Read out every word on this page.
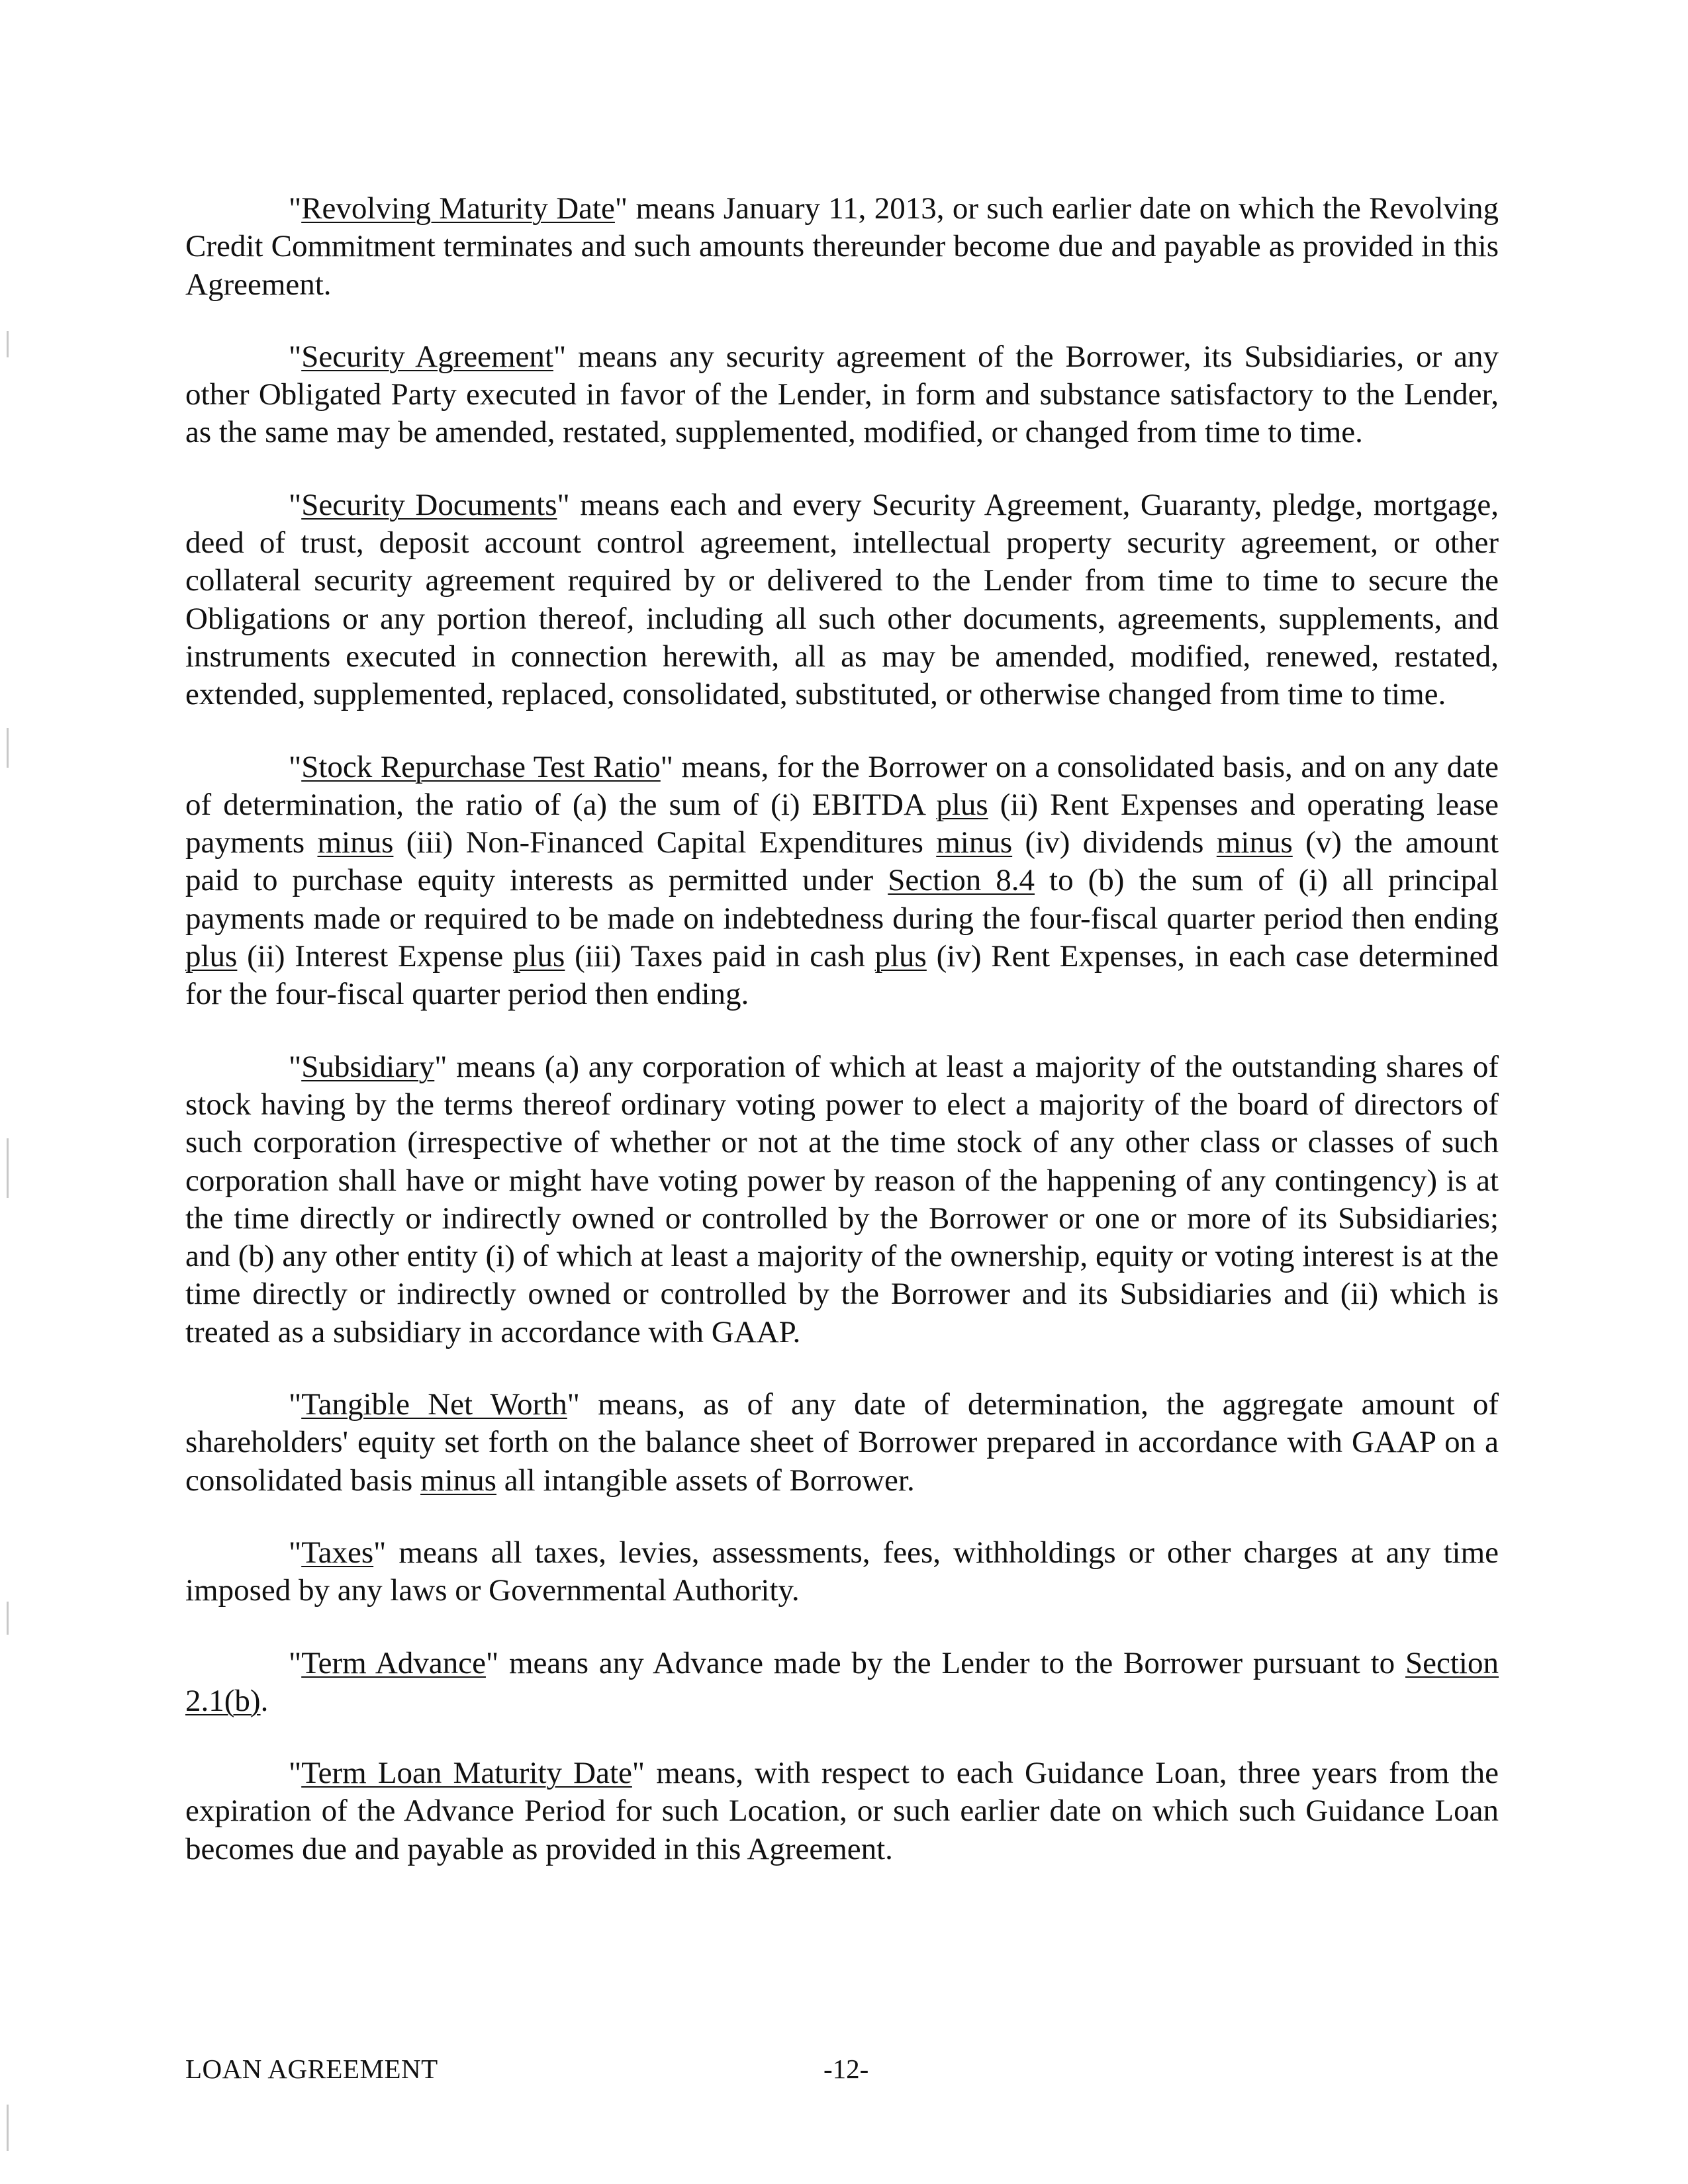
"Revolving Maturity Date" means January 11, 2013, or such earlier date on which the Revolving Credit Commitment terminates and such amounts thereunder become due and payable as provided in this Agreement.

"Security Agreement" means any security agreement of the Borrower, its Subsidiaries, or any other Obligated Party executed in favor of the Lender, in form and substance satisfactory to the Lender, as the same may be amended, restated, supplemented, modified, or changed from time to time.

"Security Documents" means each and every Security Agreement, Guaranty, pledge, mortgage, deed of trust, deposit account control agreement, intellectual property security agreement, or other collateral security agreement required by or delivered to the Lender from time to time to secure the Obligations or any portion thereof, including all such other documents, agreements, supplements, and instruments executed in connection herewith, all as may be amended, modified, renewed, restated, extended, supplemented, replaced, consolidated, substituted, or otherwise changed from time to time.

"Stock Repurchase Test Ratio" means, for the Borrower on a consolidated basis, and on any date of determination, the ratio of (a) the sum of (i) EBITDA plus (ii) Rent Expenses and operating lease payments minus (iii) Non-Financed Capital Expenditures minus (iv) dividends minus (v) the amount paid to purchase equity interests as permitted under Section 8.4 to (b) the sum of (i) all principal payments made or required to be made on indebtedness during the four-fiscal quarter period then ending plus (ii) Interest Expense plus (iii) Taxes paid in cash plus (iv) Rent Expenses, in each case determined for the four-fiscal quarter period then ending.

"Subsidiary" means (a) any corporation of which at least a majority of the outstanding shares of stock having by the terms thereof ordinary voting power to elect a majority of the board of directors of such corporation (irrespective of whether or not at the time stock of any other class or classes of such corporation shall have or might have voting power by reason of the happening of any contingency) is at the time directly or indirectly owned or controlled by the Borrower or one or more of its Subsidiaries; and (b) any other entity (i) of which at least a majority of the ownership, equity or voting interest is at the time directly or indirectly owned or controlled by the Borrower and its Subsidiaries and (ii) which is treated as a subsidiary in accordance with GAAP.

"Tangible Net Worth" means, as of any date of determination, the aggregate amount of shareholders' equity set forth on the balance sheet of Borrower prepared in accordance with GAAP on a consolidated basis minus all intangible assets of Borrower.

"Taxes" means all taxes, levies, assessments, fees, withholdings or other charges at any time imposed by any laws or Governmental Authority.

"Term Advance" means any Advance made by the Lender to the Borrower pursuant to Section 2.1(b).

"Term Loan Maturity Date" means, with respect to each Guidance Loan, three years from the expiration of the Advance Period for such Location, or such earlier date on which such Guidance Loan becomes due and payable as provided in this Agreement.

LOAN AGREEMENT	-12-
